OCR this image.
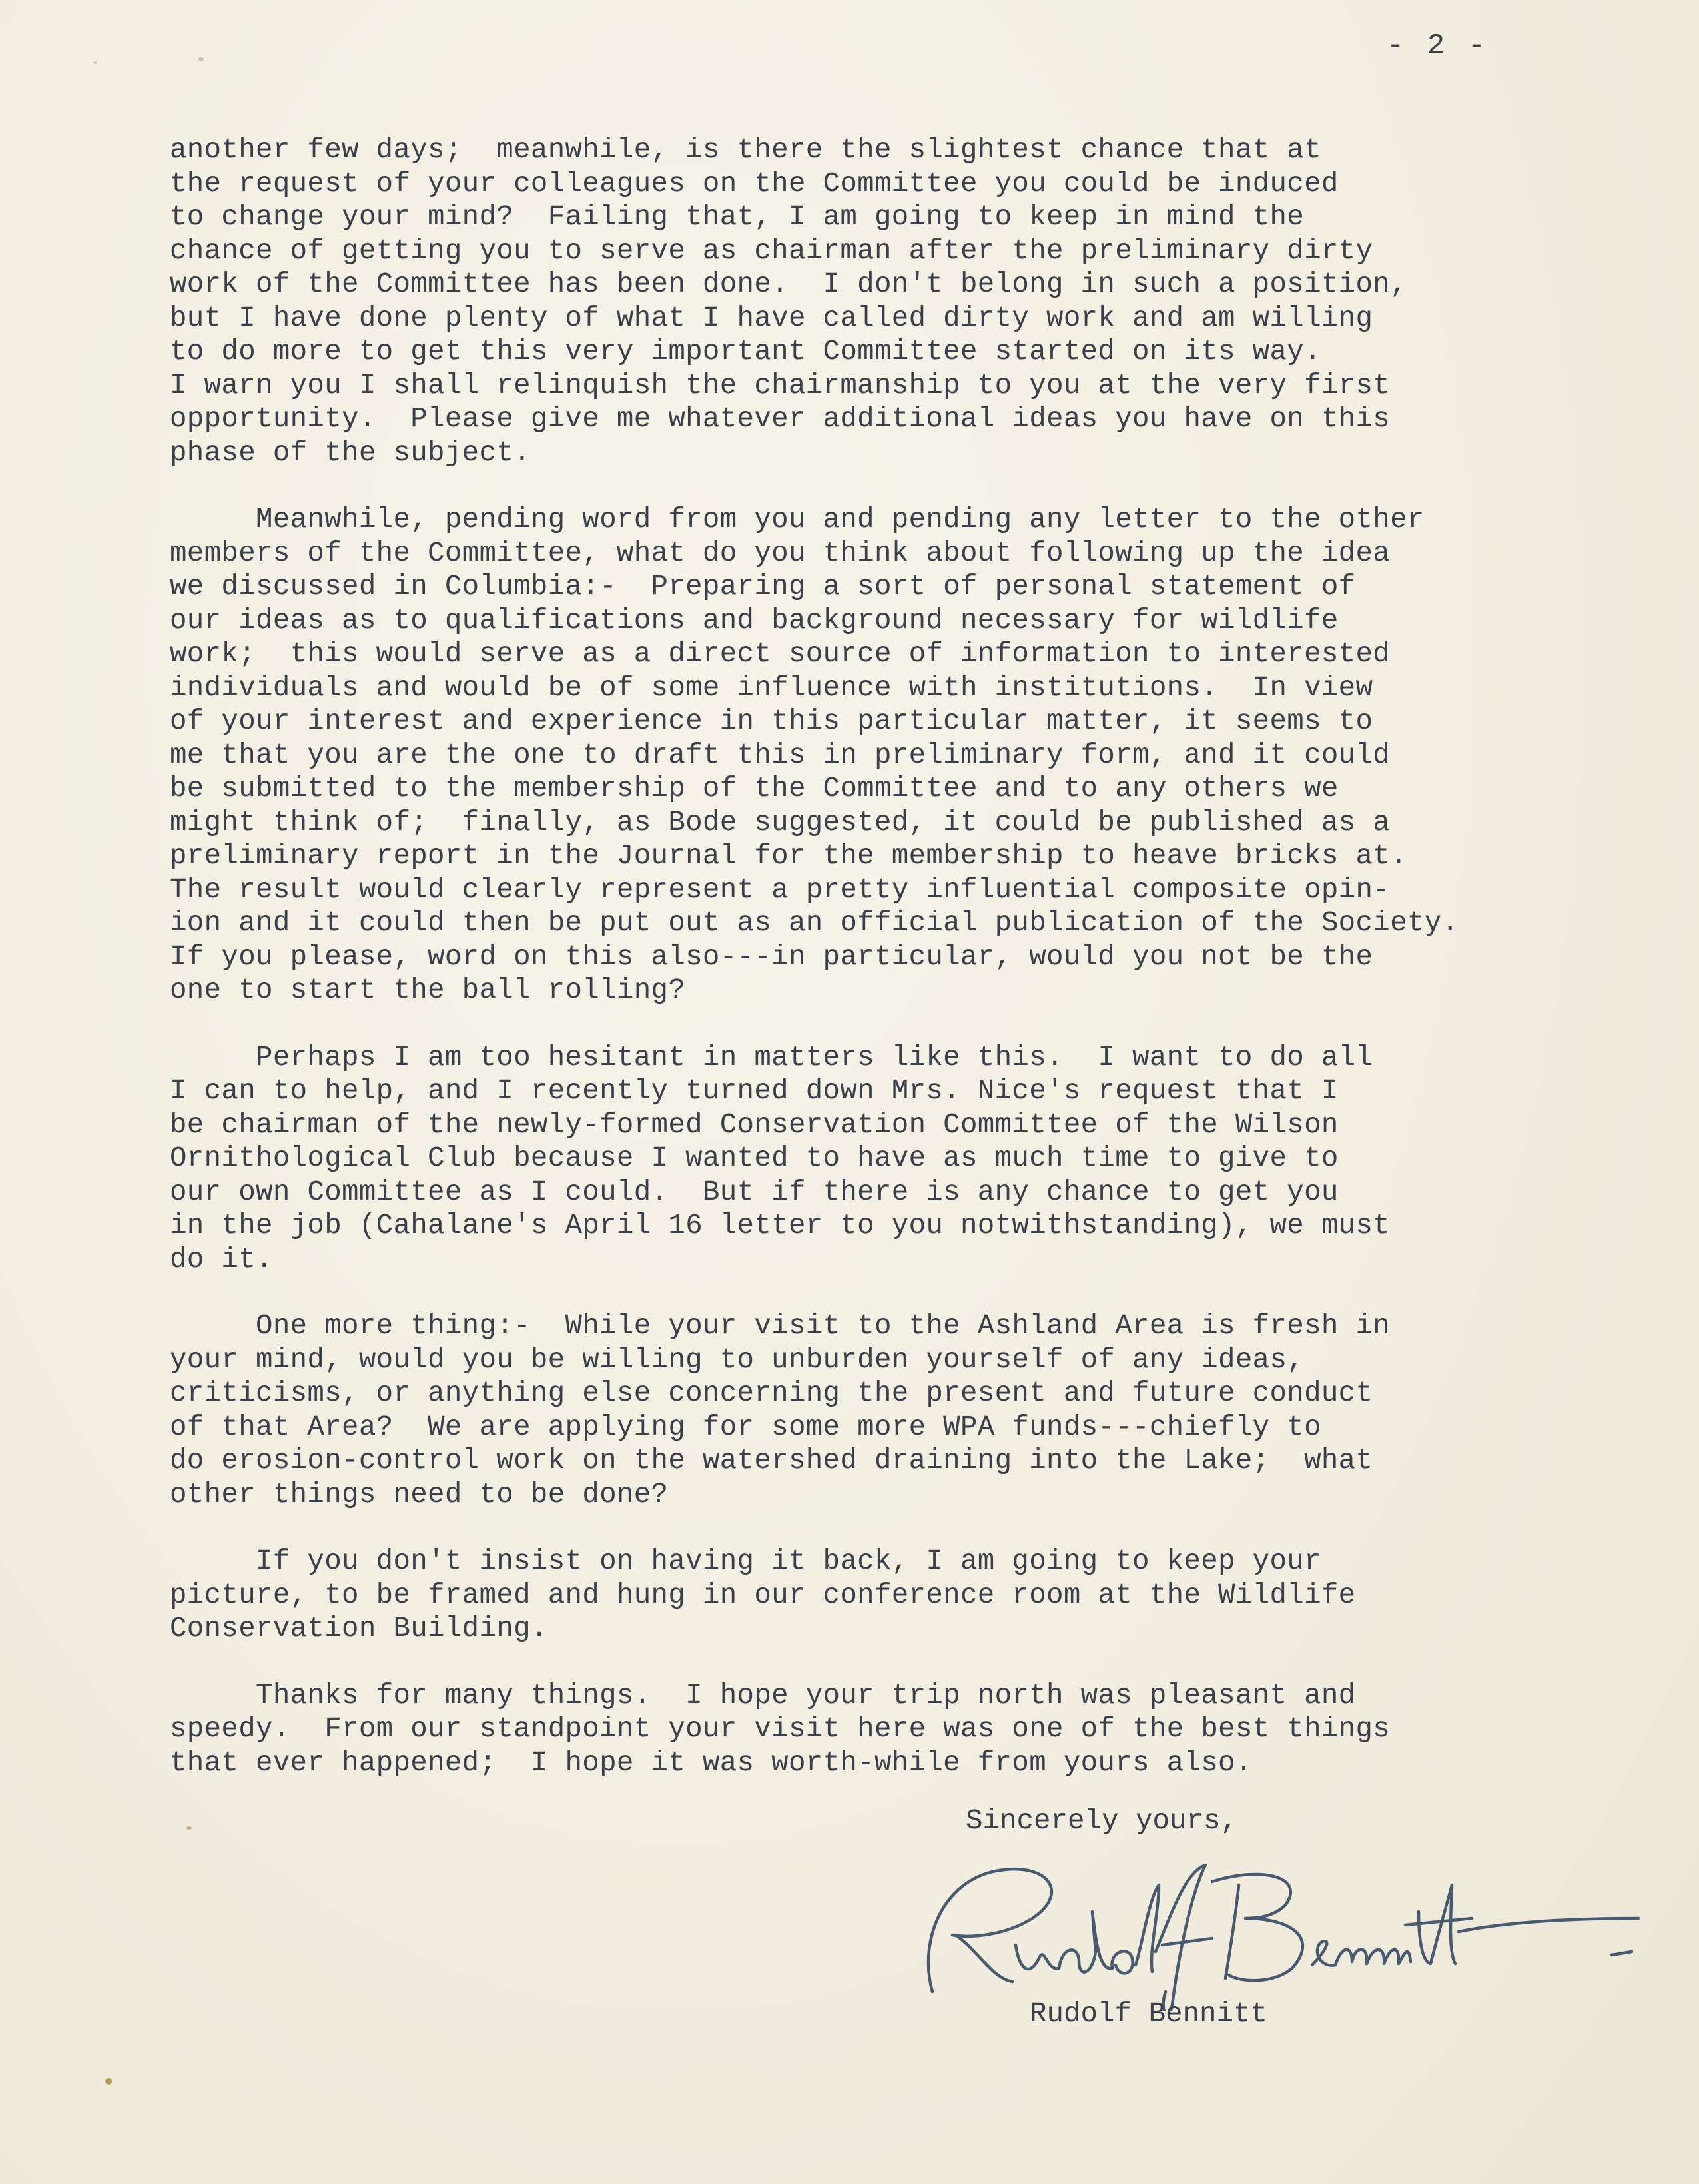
- 2 -
another few days;  meanwhile, is there the slightest chance that at
the request of your colleagues on the Committee you could be induced
to change your mind?  Failing that, I am going to keep in mind the
chance of getting you to serve as chairman after the preliminary dirty
work of the Committee has been done.  I don't belong in such a position,
but I have done plenty of what I have called dirty work and am willing
to do more to get this very important Committee started on its way.
I warn you I shall relinquish the chairmanship to you at the very first
opportunity.  Please give me whatever additional ideas you have on this
phase of the subject.
Meanwhile, pending word from you and pending any letter to the other
members of the Committee, what do you think about following up the idea
we discussed in Columbia:-  Preparing a sort of personal statement of
our ideas as to qualifications and background necessary for wildlife
work;  this would serve as a direct source of information to interested
individuals and would be of some influence with institutions.  In view
of your interest and experience in this particular matter, it seems to
me that you are the one to draft this in preliminary form, and it could
be submitted to the membership of the Committee and to any others we
might think of;  finally, as Bode suggested, it could be published as a
preliminary report in the Journal for the membership to heave bricks at.
The result would clearly represent a pretty influential composite opin-
ion and it could then be put out as an official publication of the Society.
If you please, word on this also---in particular, would you not be the
one to start the ball rolling?
Perhaps I am too hesitant in matters like this.  I want to do all
I can to help, and I recently turned down Mrs. Nice's request that I
be chairman of the newly-formed Conservation Committee of the Wilson
Ornithological Club because I wanted to have as much time to give to
our own Committee as I could.  But if there is any chance to get you
in the job (Cahalane's April 16 letter to you notwithstanding), we must
do it.
One more thing:-  While your visit to the Ashland Area is fresh in
your mind, would you be willing to unburden yourself of any ideas,
criticisms, or anything else concerning the present and future conduct
of that Area?  We are applying for some more WPA funds---chiefly to
do erosion-control work on the watershed draining into the Lake;  what
other things need to be done?
If you don't insist on having it back, I am going to keep your
picture, to be framed and hung in our conference room at the Wildlife
Conservation Building.
Thanks for many things.  I hope your trip north was pleasant and
speedy.  From our standpoint your visit here was one of the best things
that ever happened;  I hope it was worth-while from yours also.
Sincerely yours,
Rudolf Bennitt
Rudolf Bennitt
